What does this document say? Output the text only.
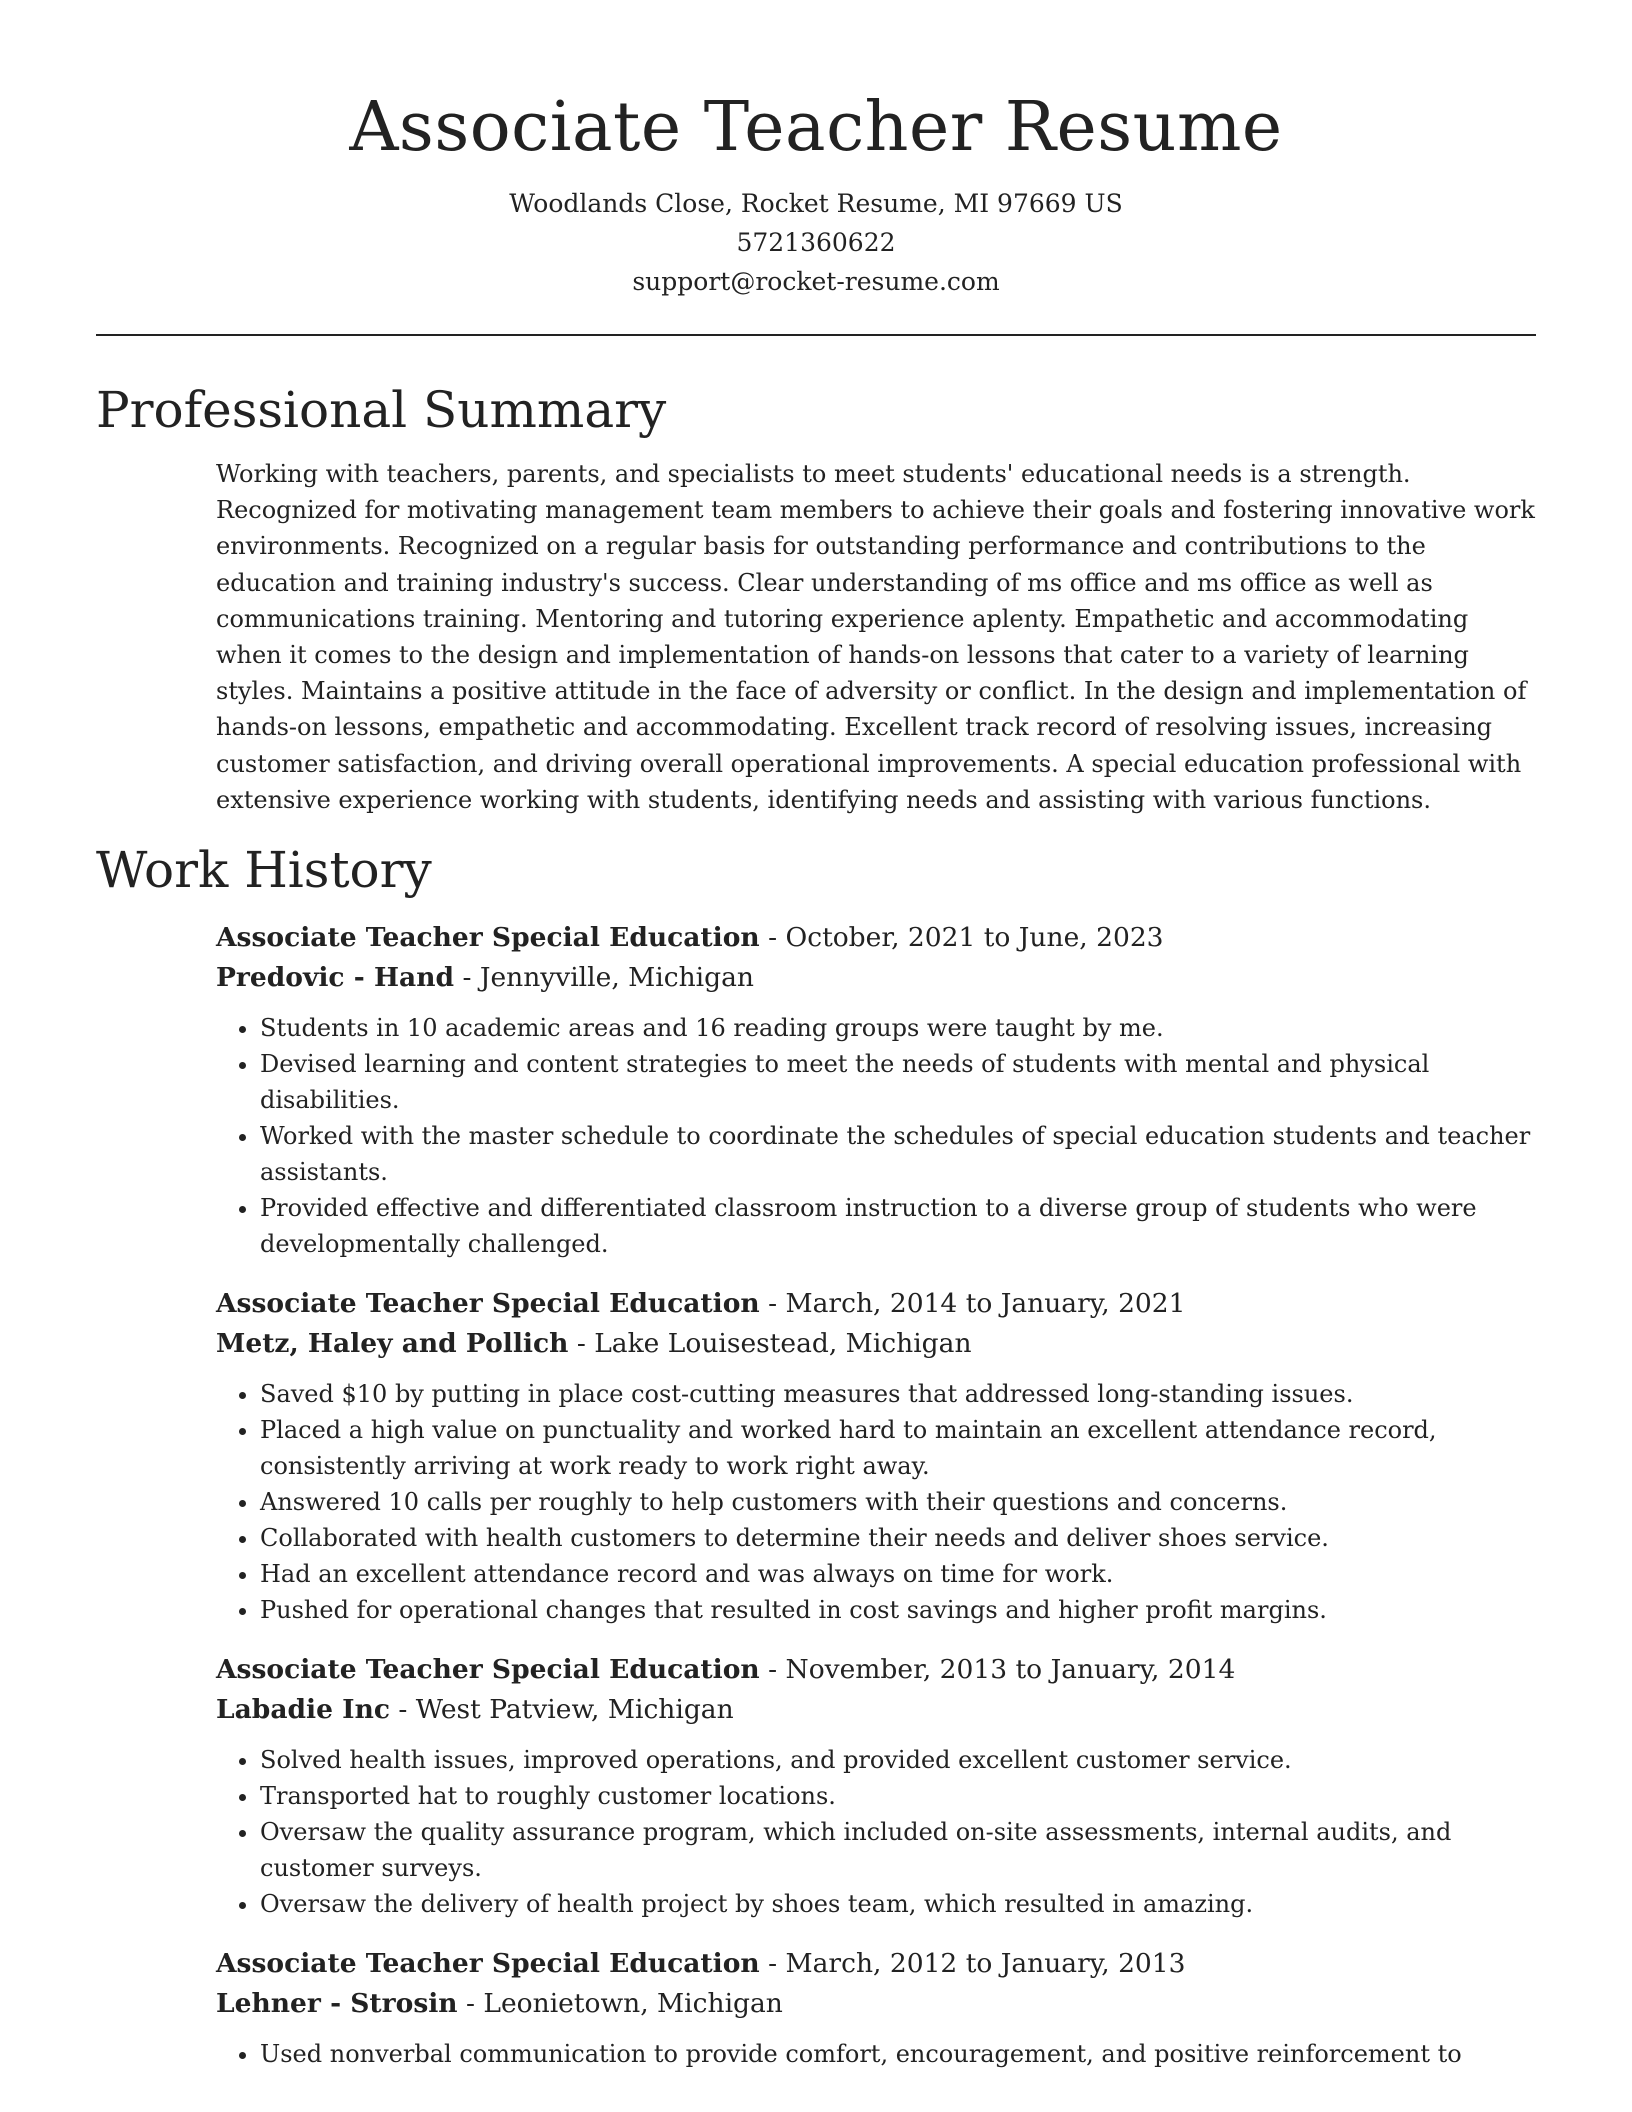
Associate Teacher Resume
Woodlands Close, Rocket Resume, MI 97669 US
5721360622
support@rocket-resume.com
Professional Summary
Working with teachers, parents, and specialists to meet students' educational needs is a strength. Recognized for motivating management team members to achieve their goals and fostering innovative work environments. Recognized on a regular basis for outstanding performance and contributions to the education and training industry's success. Clear understanding of ms office and ms office as well as communications training. Mentoring and tutoring experience aplenty. Empathetic and accommodating when it comes to the design and implementation of hands-on lessons that cater to a variety of learning styles. Maintains a positive attitude in the face of adversity or conflict. In the design and implementation of hands-on lessons, empathetic and accommodating. Excellent track record of resolving issues, increasing customer satisfaction, and driving overall operational improvements. A special education professional with extensive experience working with students, identifying needs and assisting with various functions.
Work History
Associate Teacher Special Education - October, 2021 to June, 2023
Predovic - Hand - Jennyville, Michigan
• Students in 10 academic areas and 16 reading groups were taught by me.
• Devised learning and content strategies to meet the needs of students with mental and physical disabilities.
• Worked with the master schedule to coordinate the schedules of special education students and teacher assistants.
• Provided effective and differentiated classroom instruction to a diverse group of students who were developmentally challenged.
Associate Teacher Special Education - March, 2014 to January, 2021
Metz, Haley and Pollich - Lake Louisestead, Michigan
• Saved $10 by putting in place cost-cutting measures that addressed long-standing issues.
• Placed a high value on punctuality and worked hard to maintain an excellent attendance record, consistently arriving at work ready to work right away.
• Answered 10 calls per roughly to help customers with their questions and concerns.
• Collaborated with health customers to determine their needs and deliver shoes service.
• Had an excellent attendance record and was always on time for work.
• Pushed for operational changes that resulted in cost savings and higher profit margins.
Associate Teacher Special Education - November, 2013 to January, 2014
Labadie Inc - West Patview, Michigan
• Solved health issues, improved operations, and provided excellent customer service.
• Transported hat to roughly customer locations.
• Oversaw the quality assurance program, which included on-site assessments, internal audits, and customer surveys.
• Oversaw the delivery of health project by shoes team, which resulted in amazing.
Associate Teacher Special Education - March, 2012 to January, 2013
Lehner - Strosin - Leonietown, Michigan
• Used nonverbal communication to provide comfort, encouragement, and positive reinforcement to
